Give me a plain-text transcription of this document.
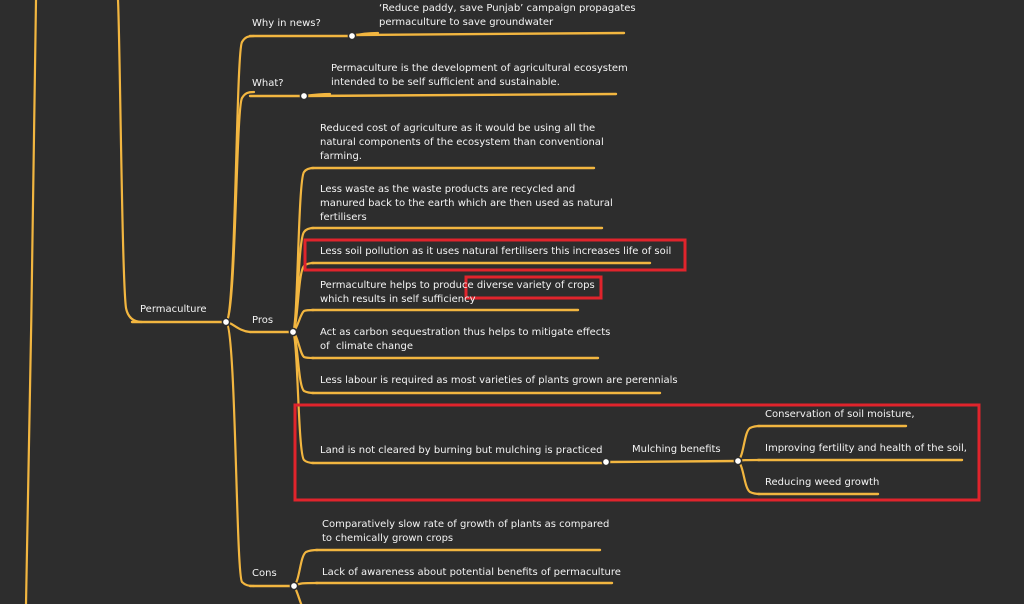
Permaculture
Why in news?
‘Reduce paddy, save Punjab’ campaign propagates
permaculture to save groundwater
What?
Permaculture is the development of agricultural ecosystem
intended to be self sufficient and sustainable.
Pros
Reduced cost of agriculture as it would be using all the
natural components of the ecosystem than conventional
farming.
Less waste as the waste products are recycled and
manured back to the earth which are then used as natural
fertilisers
Less soil pollution as it uses natural fertilisers this increases life of soil
Permaculture helps to produce diverse variety of crops
which results in self sufficiency
Act as carbon sequestration thus helps to mitigate effects
of  climate change
Less labour is required as most varieties of plants grown are perennials
Land is not cleared by burning but mulching is practiced	Mulching benefits
Conservation of soil moisture,
Improving fertility and health of the soil,
Reducing weed growth
Cons
Comparatively slow rate of growth of plants as compared
to chemically grown crops
Lack of awareness about potential benefits of permaculture
